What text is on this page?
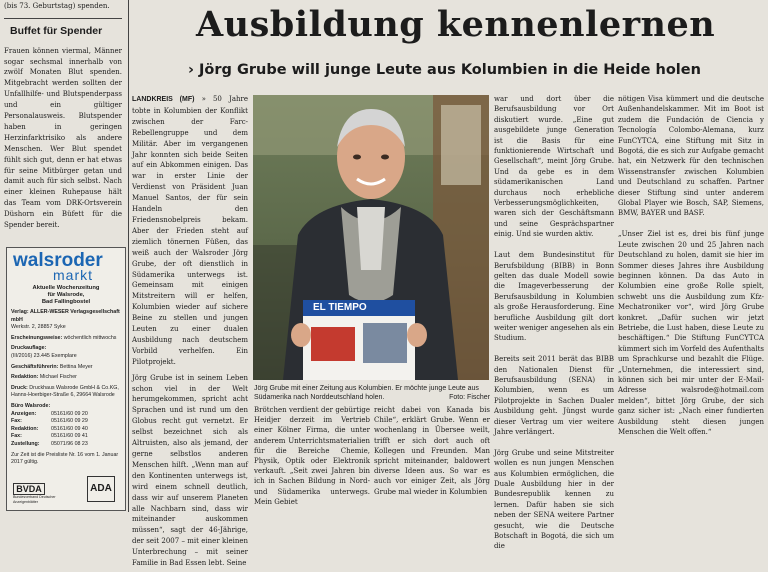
(bis 73. Geburtstag) spenden.
Buffet für Spender
Frauen können viermal, Männer sogar sechsmal innerhalb von zwölf Monaten Blut spenden. Mitgebracht werden sollten der Unfallhilfe- und Blutspenderpass und ein gültiger Personalausweis. Blutspender haben in geringen Herzinfarktrisiko als andere Menschen. Wer Blut spendet fühlt sich gut, denn er hat etwas für seine Mitbürger getan und damit auch für sich selbst. Nach einer kleinen Ruhepause hält das Team vom DRK-Ortsverein Düshorn ein Büfett für die Spender bereit.
walsroder
markt
Aktuelle Wochenzeitung
für Walsrode,
Bad Fallingbostel
Verlag: ALLER-WESER Verlagsgesellschaft mbH
Werkstr. 2, 28857 Syke
Erscheinungsweise: wöchentlich mittwochs
Druckauflage:
(III/2016) 23.445 Exemplare
Geschäftsführerin: Bettina Meyer
Redaktion: Michael Fischer
Druck: Druckhaus Walsrode GmbH & Co.KG,
Hanns-Hoerbiger-Straße 6, 29664 Walsrode
Büro Walsrode:
Anzeigen:	05161/60 09 20
Fax:	05161/60 09 29
Redaktion:	05161/60 09 40
Fax:	05161/60 09 41
Zustellung:	05071/96 08 23
Zur Zeit ist die Preisliste Nr. 16 vom 1. Januar 2017 gültig.
BVDA
Bundesverband Deutscher Anzeigenblätter
ADA
Ausbildung kennenlernen
› Jörg Grube will junge Leute aus Kolumbien in die Heide holen

LANDKREIS (MF) » 50 Jahre tobte in Kolumbien der Konflikt zwischen der Farc-Rebellengruppe und dem Militär. Aber im vergangenen Jahr konnten sich beide Seiten auf ein Abkommen einigen. Das war in erster Linie der Verdienst von Präsident Juan Manuel Santos, der für sein Handeln den Friedensnobelpreis bekam. Aber der Frieden steht auf ziemlich tönernen Füßen, das weiß auch der Walsroder Jörg Grube, der oft dienstlich in Südamerika unterwegs ist. Gemeinsam mit einigen Mitstreitern will er helfen, Kolumbien wieder auf sichere Beine zu stellen und jungen Leuten zu einer dualen Ausbildung nach deutschem Vorbild verhelfen. Ein Pilotprojekt.

Jörg Grube ist in seinem Leben schon viel in der Welt herumgekommen, spricht acht Sprachen und ist rund um den Globus recht gut vernetzt. Er selbst bezeichnet sich als Altruisten, also als jemand, der gerne selbstlos anderen Menschen hilft. „Wenn man auf den Kontinenten unterwegs ist, wird einem schnell deutlich, dass wir auf unserem Planeten alle Nachbarn sind, dass wir miteinander auskommen müssen“, sagt der 46-Jährige, der seit 2007 – mit einer kleinen Unterbrechung – mit seiner Familie in Bad Essen lebt. Seine

EL TIEMPO
Jörg Grube mit einer Zeitung aus Kolumbien. Er möchte junge Leute aus Südamerika nach Norddeutschland holen.	Foto: Fischer
Brötchen verdient der gebürtige Heidjer derzeit im Vertrieb einer Kölner Firma, die unter anderem Unterrichtsmaterialien für die Bereiche Chemie, Physik, Optik oder Elektronik verkauft. „Seit zwei Jahren bin ich in Sachen Bildung in Nord- und Südamerika unterwegs. Mein Gebiet
reicht dabei von Kanada bis Chile“, erklärt Grube. Wenn er wochenlang in Übersee weilt, trifft er sich dort auch oft Kollegen und Freunden. Man spricht miteinander, baldowert diverse Ideen aus. So war es auch vor einiger Zeit, als Jörg Grube mal wieder in Kolumbien
war und dort über die Berufsausbildung vor Ort diskutiert wurde. „Eine gut ausgebildete junge Generation ist die Basis für eine funktionierende Wirtschaft und Gesellschaft“, meint Jörg Grube. Und da gebe es in dem südamerikanischen Land durchaus noch erhebliche Verbesserungsmöglichkeiten, waren sich der Geschäftsmann und seine Gesprächspartner einig. Und sie wurden aktiv.

Laut dem Bundesinstitut für Berufsbildung (BIBB) in Bonn gelten das duale Modell sowie die Imageverbesserung der Berufsausbildung in Kolumbien als große Herausforderung. Eine berufliche Ausbildung gilt dort weiter weniger angesehen als ein Studium.

Bereits seit 2011 berät das BIBB den Nationalen Dienst für Berufsausbildung (SENA) in Kolumbien, wenn es um Pilotprojekte in Sachen Dualer Ausbildung geht. Jüngst wurde dieser Vertrag um vier weitere Jahre verlängert.

Jörg Grube und seine Mitstreiter wollen es nun jungen Menschen aus Kolumbien ermöglichen, die Duale Ausbildung hier in der Bundesrepublik kennen zu lernen. Dafür haben sie sich neben der SENA weitere Partner gesucht, wie die Deutsche Botschaft in Bogotá, die sich um die
nötigen Visa kümmert und die deutsche Außenhandelskammer. Mit im Boot ist zudem die Fundación de Ciencia y Tecnología Colombo-Alemana, kurz FunCYTCA, eine Stiftung mit Sitz in Bogotá, die es sich zur Aufgabe gemacht hat, ein Netzwerk für den technischen Wissenstransfer zwischen Kolumbien und Deutschland zu schaffen. Partner dieser Stiftung sind unter anderem Global Player wie Bosch, SAP, Siemens, BMW, BAYER und BASF.

„Unser Ziel ist es, drei bis fünf junge Leute zwischen 20 und 25 Jahren nach Deutschland zu holen, damit sie hier im Sommer dieses Jahres ihre Ausbildung beginnen können. Da das Auto in Kolumbien eine große Rolle spielt, schwebt uns die Ausbildung zum Kfz-Mechatroniker vor“, wird Jörg Grube konkret. „Dafür suchen wir jetzt Betriebe, die Lust haben, diese Leute zu beschäftigen.“ Die Stiftung FunCYTCA kümmert sich im Vorfeld des Aufenthalts um Sprachkurse und bezahlt die Flüge. „Unternehmen, die interessiert sind, können sich bei mir unter der E-Mail-Adresse walsrode@hotmail.com melden“, bittet Jörg Grube, der sich ganz sicher ist: „Nach einer fundierten Ausbildung steht diesen jungen Menschen die Welt offen.“
